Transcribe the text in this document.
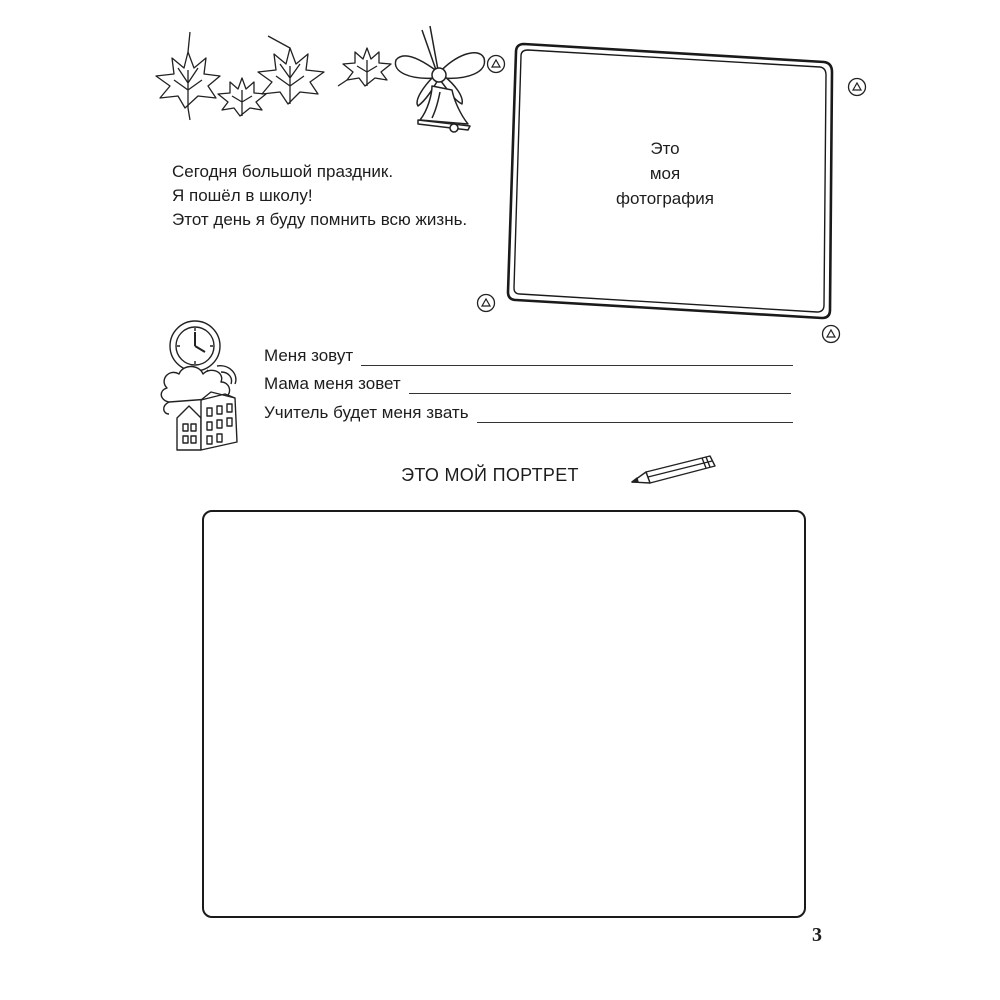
Сегодня большой праздник.

Я пошёл в школу!

Этот день я буду помнить всю жизнь.

Это
моя
фотография
Меня зовут
Мама меня зовет
Учитель будет меня звать
ЭТО МОЙ ПОРТРЕТ
3
